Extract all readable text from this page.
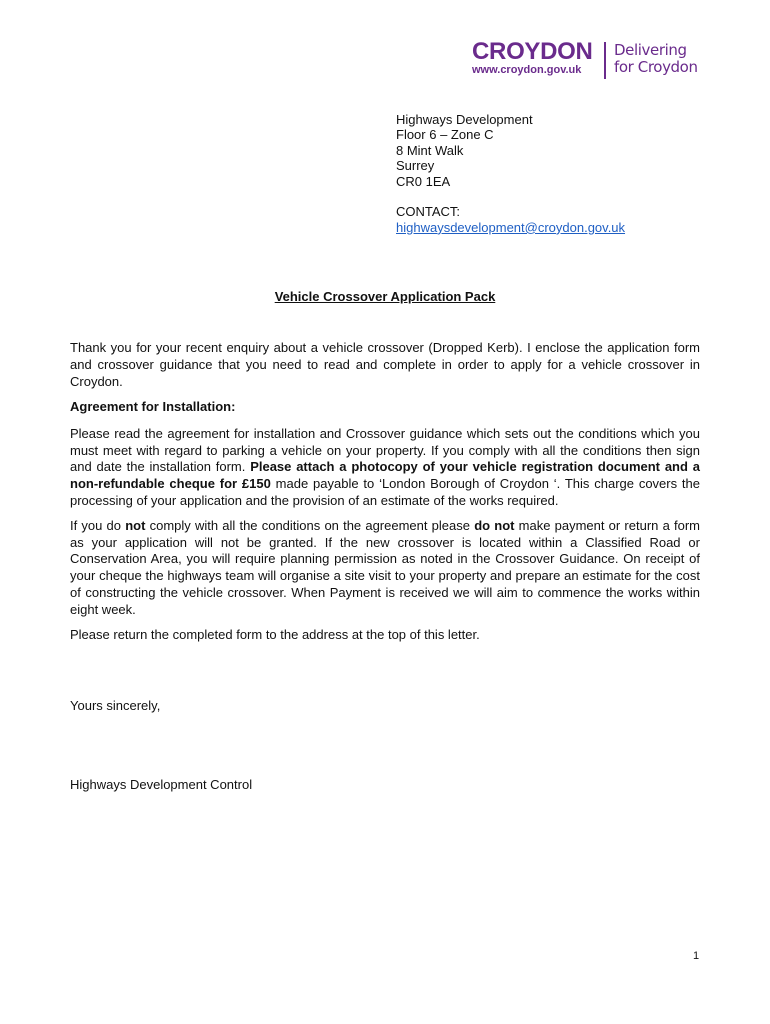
CROYDON
www.croydon.gov.uk
Delivering
for Croydon
Highways Development
Floor 6 – Zone C
8 Mint Walk
Surrey
CR0 1EA
CONTACT:
highwaysdevelopment@croydon.gov.uk
Vehicle Crossover Application Pack

Thank you for your recent enquiry about a vehicle crossover (Dropped Kerb). I enclose the application form and crossover guidance that you need to read and complete in order to apply for a vehicle crossover in Croydon.

Agreement for Installation:

Please read the agreement for installation and Crossover guidance which sets out the conditions which you must meet with regard to parking a vehicle on your property. If you comply with all the conditions then sign and date the installation form. Please attach a photocopy of your vehicle registration document and a non-refundable cheque for £150 made payable to ‘London Borough of Croydon ‘. This charge covers the processing of your application and the provision of an estimate of the works required.

If you do not comply with all the conditions on the agreement please do not make payment or return a form as your application will not be granted. If the new crossover is located within a Classified Road or Conservation Area, you will require planning permission as noted in the Crossover Guidance. On receipt of your cheque the highways team will organise a site visit to your property and prepare an estimate for the cost of constructing the vehicle crossover. When Payment is received we will aim to commence the works within eight week.

Please return the completed form to the address at the top of this letter.

Yours sincerely,
Highways Development Control
1
